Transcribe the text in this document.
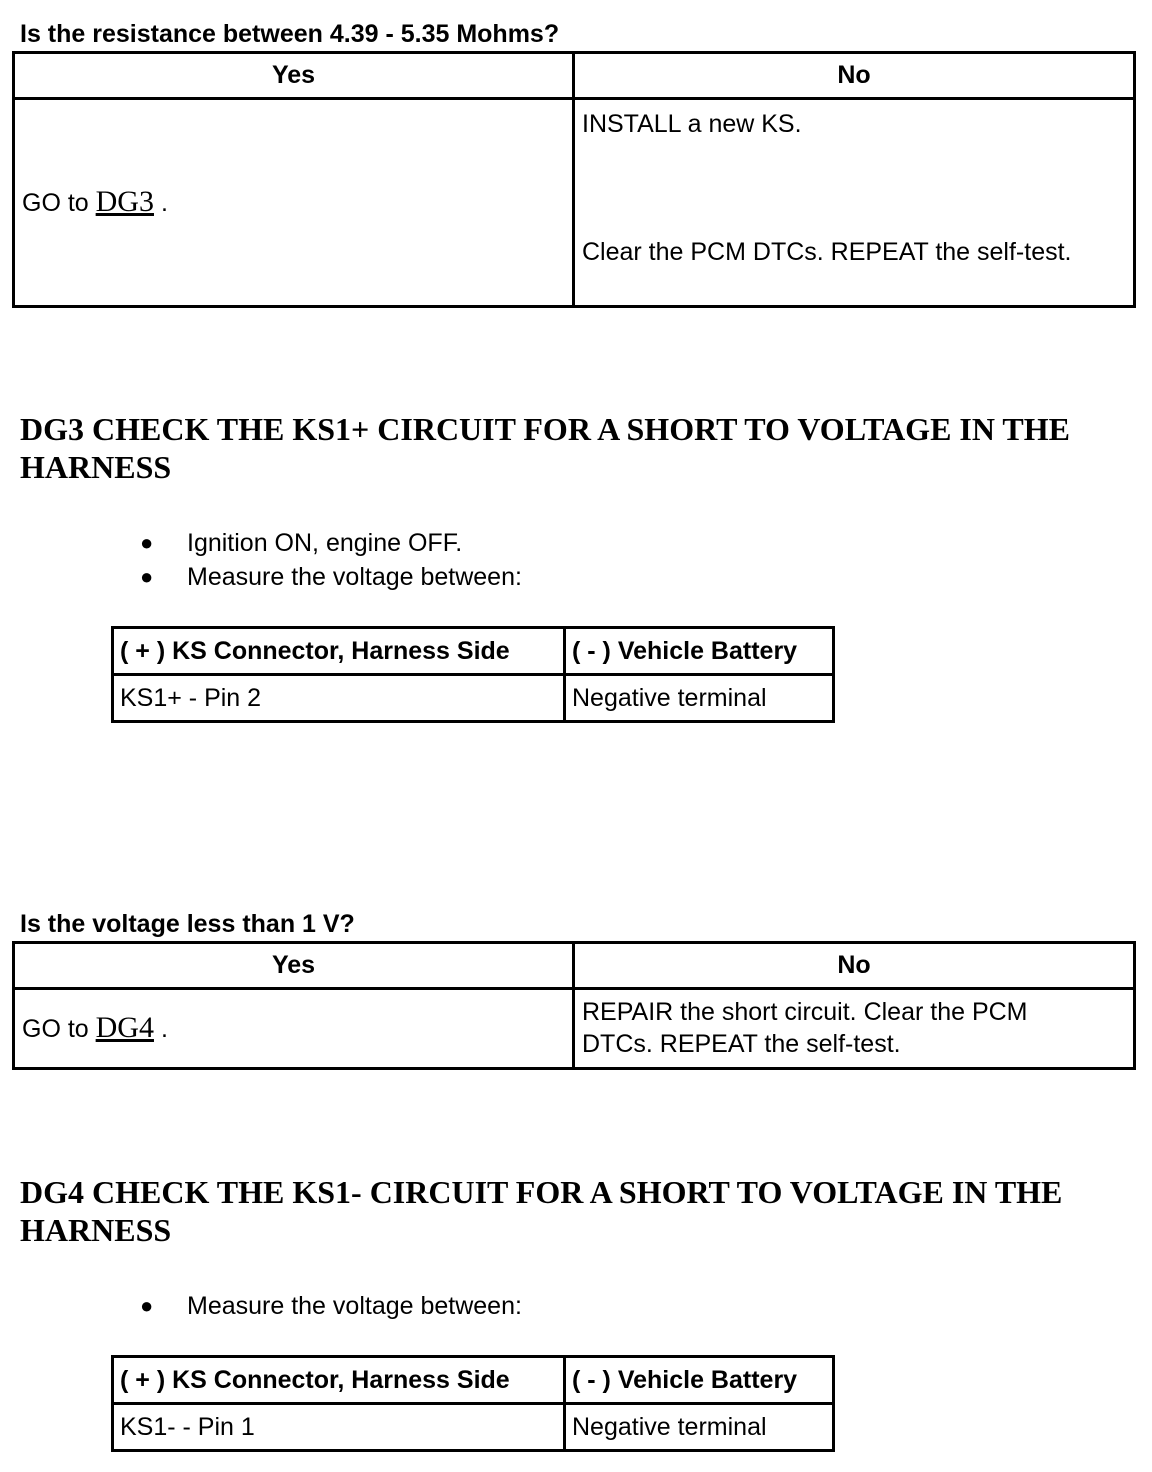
Is the resistance between 4.39 - 5.35 Mohms?
Yes	No
GO to DG3 .	INSTALL a new KS.
Clear the PCM DTCs. REPEAT the self-test.
DG3 CHECK THE KS1+ CIRCUIT FOR A SHORT TO VOLTAGE IN THE HARNESS
● Ignition ON, engine OFF.
● Measure the voltage between:
( + ) KS Connector, Harness Side	( - ) Vehicle Battery
KS1+ - Pin 2	Negative terminal
Is the voltage less than 1 V?
Yes	No
GO to DG4 .	REPAIR the short circuit. Clear the PCM DTCs. REPEAT the self-test.
DG4 CHECK THE KS1- CIRCUIT FOR A SHORT TO VOLTAGE IN THE HARNESS
● Measure the voltage between:
( + ) KS Connector, Harness Side	( - ) Vehicle Battery
KS1- - Pin 1	Negative terminal
